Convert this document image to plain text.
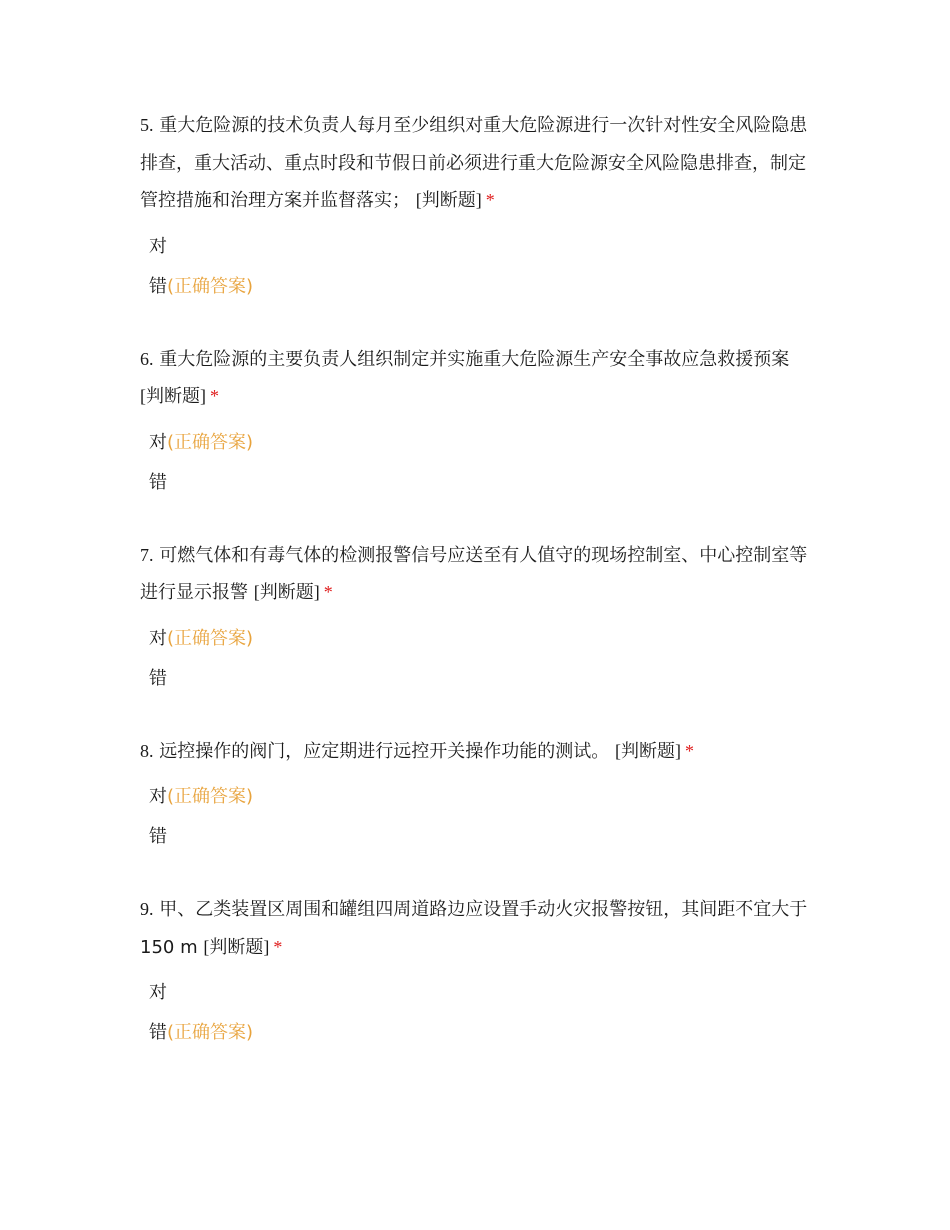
5. 重大危险源的技术负责人每月至少组织对重大危险源进行一次针对性安全风险隐患排查，重大活动、重点时段和节假日前必须进行重大危险源安全风险隐患排查，制定管控措施和治理方案并监督落实； [判断题] *

对
错(正确答案)

6. 重大危险源的主要负责人组织制定并实施重大危险源生产安全事故应急救援预案 [判断题] *

对(正确答案)
错

7. 可燃气体和有毒气体的检测报警信号应送至有人值守的现场控制室、中心控制室等进行显示报警 [判断题] *

对(正确答案)
错

8. 远控操作的阀门，应定期进行远控开关操作功能的测试。 [判断题] *

对(正确答案)
错

9. 甲、乙类装置区周围和罐组四周道路边应设置手动火灾报警按钮，其间距不宜大于 150 m [判断题] *

对
错(正确答案)
